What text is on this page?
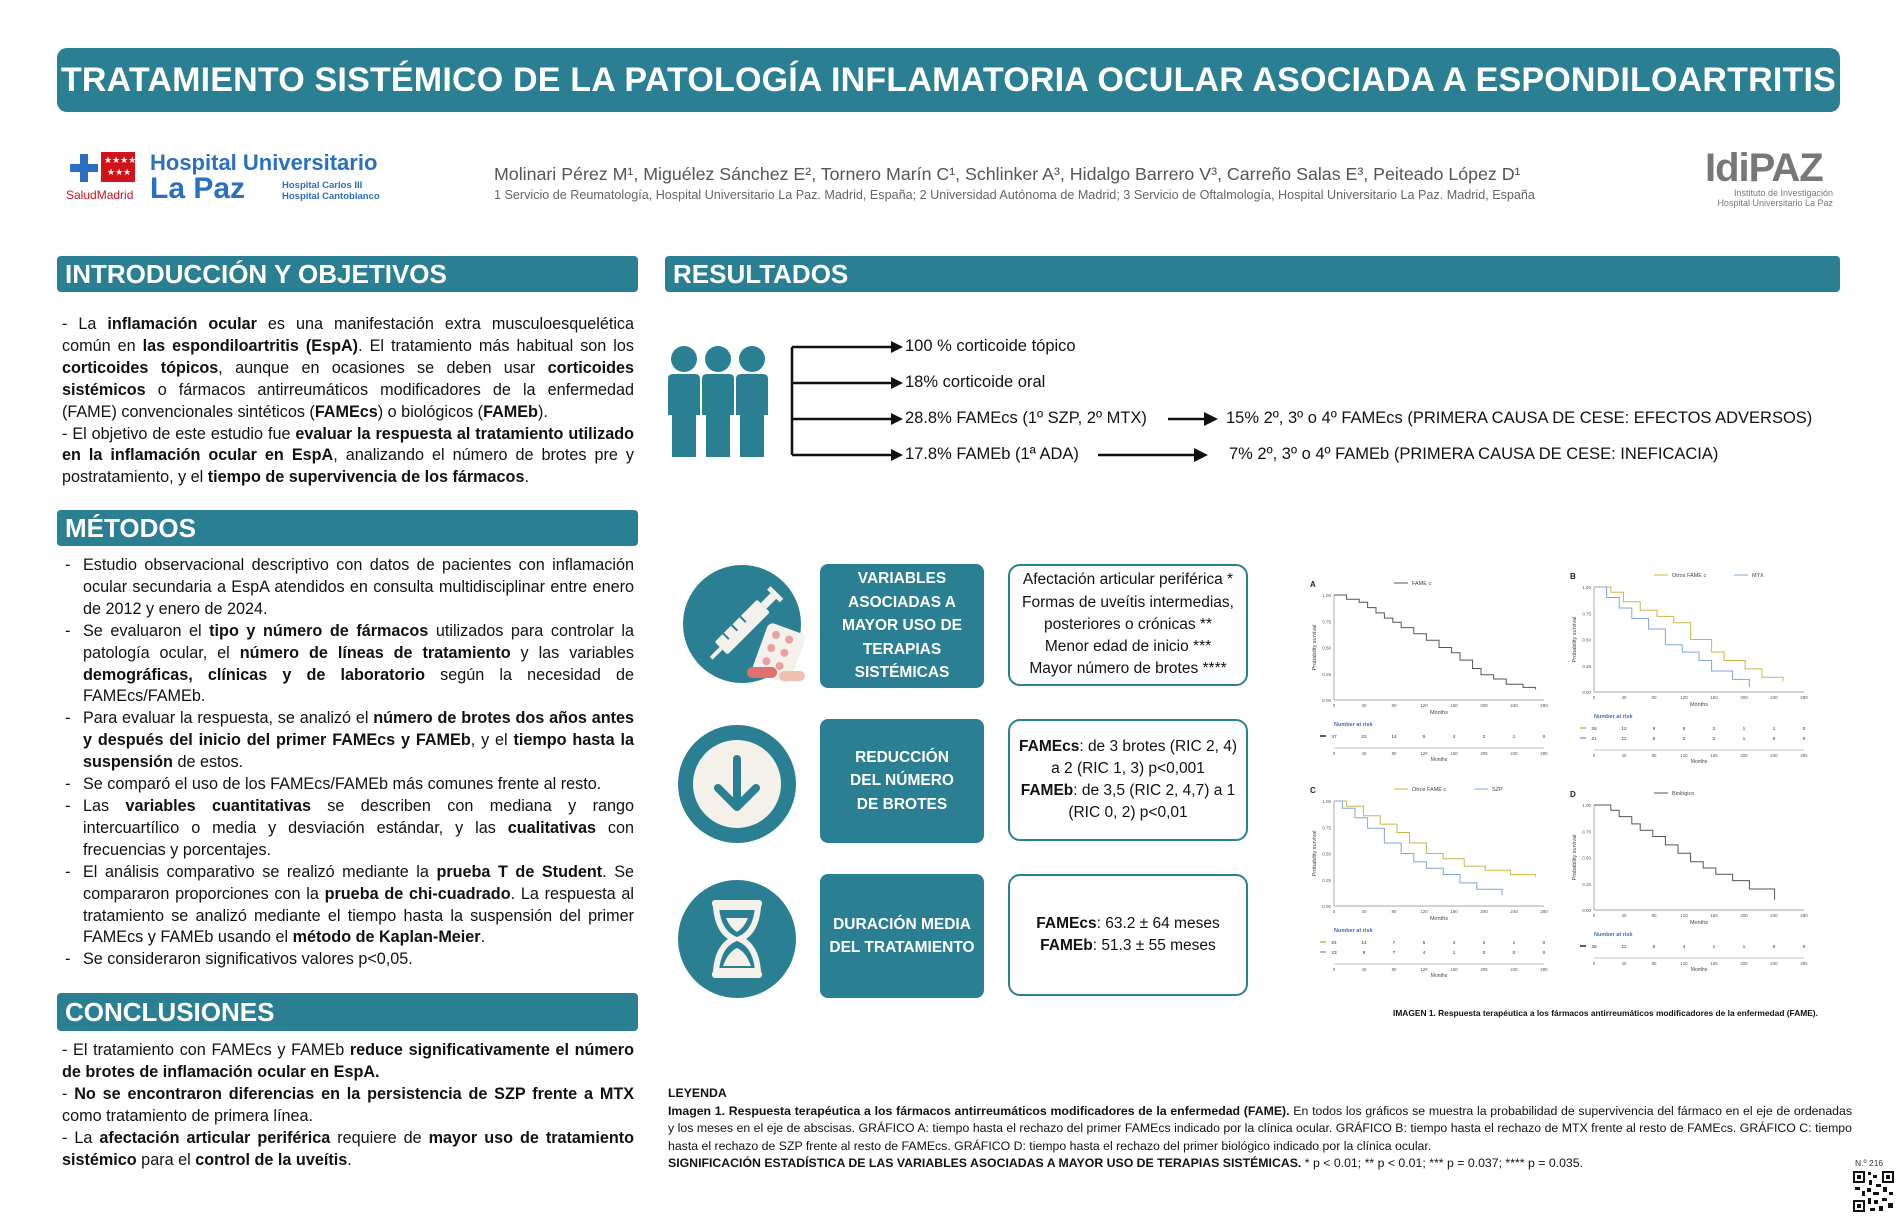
TRATAMIENTO SISTÉMICO DE LA PATOLOGÍA INFLAMATORIA OCULAR ASOCIADA A ESPONDILOARTRITIS
★★★★
★★★
SaludMadrid
Hospital Universitario
La Paz	Hospital Carlos III
Hospital Cantoblanco
Molinari Pérez M¹, Miguélez Sánchez E², Tornero Marín C¹, Schlinker A³, Hidalgo Barrero V³, Carreño Salas E³, Peiteado López D¹
1 Servicio de Reumatología, Hospital Universitario La Paz. Madrid, España; 2 Universidad Autónoma de Madrid; 3 Servicio de Oftalmología, Hospital Universitario La Paz. Madrid, España
IdiPAZ
Instituto de Investigación
Hospital Universitario La Paz
INTRODUCCIÓN Y OBJETIVOS
- La inflamación ocular es una manifestación extra musculoesquelética común en las espondiloartritis (EspA). El tratamiento más habitual son los corticoides tópicos, aunque en ocasiones se deben usar corticoides sistémicos o fármacos antirreumáticos modificadores de la enfermedad (FAME) convencionales sintéticos (FAMEcs) o biológicos (FAMEb).
- El objetivo de este estudio fue evaluar la respuesta al tratamiento utilizado en la inflamación ocular en EspA, analizando el número de brotes pre y postratamiento, y el tiempo de supervivencia de los fármacos.
MÉTODOS
- Estudio observacional descriptivo con datos de pacientes con inflamación ocular secundaria a EspA atendidos en consulta multidisciplinar entre enero de 2012 y enero de 2024.
- Se evaluaron el tipo y número de fármacos utilizados para controlar la patología ocular, el número de líneas de tratamiento y las variables demográficas, clínicas y de laboratorio según la necesidad de FAMEcs/FAMEb.
- Para evaluar la respuesta, se analizó el número de brotes dos años antes y después del inicio del primer FAMEcs y FAMEb, y el tiempo hasta la suspensión de estos.
- Se comparó el uso de los FAMEcs/FAMEb más comunes frente al resto.
- Las variables cuantitativas se describen con mediana y rango intercuartílico o media y desviación estándar, y las cualitativas con frecuencias y porcentajes.
- El análisis comparativo se realizó mediante la prueba T de Student. Se compararon proporciones con la prueba de chi-cuadrado. La respuesta al tratamiento se analizó mediante el tiempo hasta la suspensión del primer FAMEcs y FAMEb usando el método de Kaplan-Meier.
- Se consideraron significativos valores p<0,05.
CONCLUSIONES
- El tratamiento con FAMEcs y FAMEb reduce significativamente el número de brotes de inflamación ocular en EspA.
- No se encontraron diferencias en la persistencia de SZP frente a MTX como tratamiento de primera línea.
- La afectación articular periférica requiere de mayor uso de tratamiento sistémico para el control de la uveítis.
RESULTADOS
100 % corticoide tópico
18% corticoide oral
28.8% FAMEcs (1º SZP, 2º MTX)
17.8% FAMEb (1ª ADA)
15% 2º, 3º o 4º FAMEcs (PRIMERA CAUSA DE CESE: EFECTOS ADVERSOS)
7% 2º, 3º o 4º FAMEb (PRIMERA CAUSA DE CESE: INEFICACIA)
VARIABLES ASOCIADAS A MAYOR USO DE TERAPIAS SISTÉMICAS
Afectación articular periférica *
Formas de uveítis intermedias, posteriores o crónicas **
Menor edad de inicio ***
Mayor número de brotes ****
REDUCCIÓN DEL NÚMERO DE BROTES
FAMEcs: de 3 brotes (RIC 2, 4) a 2 (RIC 1, 3) p<0,001
FAMEb: de 3,5 (RIC 2, 4,7) a 1 (RIC 0, 2) p<0,01
DURACIÓN MEDIA DEL TRATAMIENTO
FAMEcs: 63.2 ± 64 meses
FAMEb: 51.3 ± 55 meses
A	FAME c
1.00
0.75
0.50
0.25
0.00
0	40	80	120	160	200	240	280
Months
Probability survival
Number at risk
47	23	14	9	4	2	1	0
0	40	80	120	160	200	240	280
Months
B	Otros FAME c	MTX
1.00
0.75
0.50
0.25
0.00
0	40	80	120	160	200	240	280
Months
Probability survival
Number at risk
26	12	9	6	2	1	1	0
21	11	5	3	2	1	0	0
0	40	80	120	160	200	240	280
Months
C	Otros FAME c	SZP
1.00
0.75
0.50
0.25
0.00
0	40	80	120	160	200	240	280
Months
Probability survival
Number at risk
24	14	7	5	3	2	1	0
23	9	7	4	1	0	0	0
0	40	80	120	160	200	240	280
Months
D	Biológico
1.00
0.75
0.50
0.25
0.00
0	40	80	120	160	200	240	280
Months
Probability survival
Number at risk
26	11	5	4	1	1	0	0
0	40	80	120	160	200	240	280
Months
IMAGEN 1. Respuesta terapéutica a los fármacos antirreumáticos modificadores de la enfermedad (FAME).
LEYENDA
Imagen 1. Respuesta terapéutica a los fármacos antirreumáticos modificadores de la enfermedad (FAME). En todos los gráficos se muestra la probabilidad de supervivencia del fármaco en el eje de ordenadas y los meses en el eje de abscisas. GRÁFICO A: tiempo hasta el rechazo del primer FAMEcs indicado por la clínica ocular. GRÁFICO B: tiempo hasta el rechazo de MTX frente al resto de FAMEcs. GRÁFICO C: tiempo hasta el rechazo de SZP frente al resto de FAMEcs. GRÁFICO D: tiempo hasta el rechazo del primer biológico indicado por la clínica ocular.
SIGNIFICACIÓN ESTADÍSTICA DE LAS VARIABLES ASOCIADAS A MAYOR USO DE TERAPIAS SISTÉMICAS. * p < 0.01; ** p < 0.01; *** p = 0.037; **** p = 0.035.	N.º 216
